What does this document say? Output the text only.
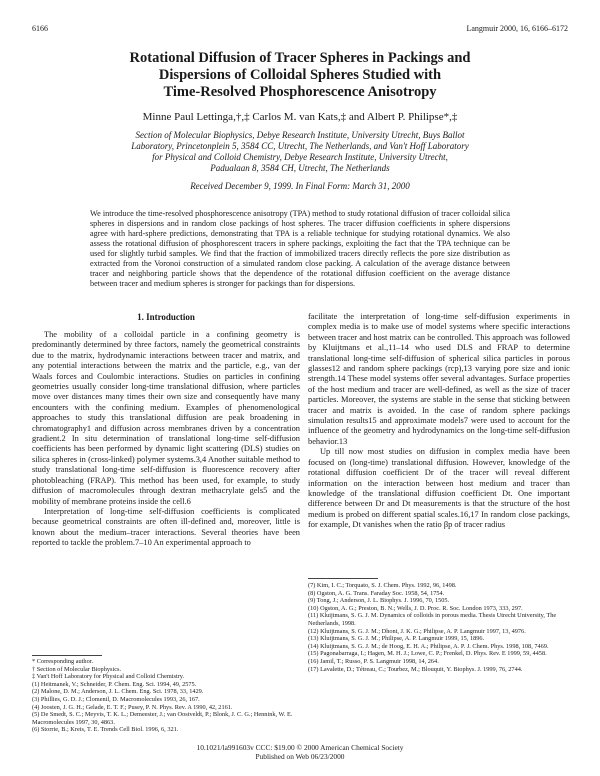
6166	Langmuir 2000, 16, 6166–6172
Rotational Diffusion of Tracer Spheres in Packings and
Dispersions of Colloidal Spheres Studied with
Time-Resolved Phosphorescence Anisotropy
Minne Paul Lettinga,†,‡ Carlos M. van Kats,‡ and Albert P. Philipse*,‡
Section of Molecular Biophysics, Debye Research Institute, University Utrecht, Buys Ballot
Laboratory, Princetonplein 5, 3584 CC, Utrecht, The Netherlands, and Van't Hoff Laboratory
for Physical and Colloid Chemistry, Debye Research Institute, University Utrecht,
Padualaan 8, 3584 CH, Utrecht, The Netherlands
Received December 9, 1999. In Final Form: March 31, 2000
We introduce the time-resolved phosphorescence anisotropy (TPA) method to study rotational diffusion of tracer colloidal silica spheres in dispersions and in random close packings of host spheres. The tracer diffusion coefficients in sphere dispersions agree with hard-sphere predictions, demonstrating that TPA is a reliable technique for studying rotational dynamics. We also assess the rotational diffusion of phosphorescent tracers in sphere packings, exploiting the fact that the TPA technique can be used for slightly turbid samples. We find that the fraction of immobilized tracers directly reflects the pore size distribution as extracted from the Voronoi construction of a simulated random close packing. A calculation of the average distance between tracer and neighboring particle shows that the dependence of the rotational diffusion coefficient on the average distance between tracer and medium spheres is stronger for packings than for dispersions.
1. Introduction

The mobility of a colloidal particle in a confining geometry is predominantly determined by three factors, namely the geometrical constraints due to the matrix, hydrodynamic interactions between tracer and matrix, and any potential interactions between the matrix and the particle, e.g., van der Waals forces and Coulombic interactions. Studies on particles in confining geometries usually consider long-time translational diffusion, where particles move over distances many times their own size and consequently have many encounters with the confining medium. Examples of phenomenological approaches to study this translational diffusion are peak broadening in chromatography1 and diffusion across membranes driven by a concentration gradient.2 In situ determination of translational long-time self-diffusion coefficients has been performed by dynamic light scattering (DLS) studies on silica spheres in (cross-linked) polymer systems.3,4 Another suitable method to study translational long-time self-diffusion is fluorescence recovery after photobleaching (FRAP). This method has been used, for example, to study diffusion of macromolecules through dextran methacrylate gels5 and the mobility of membrane proteins inside the cell.6

Interpretation of long-time self-diffusion coefficients is complicated because geometrical constraints are often ill-defined and, moreover, little is known about the medium–tracer interactions. Several theories have been reported to tackle the problem.7–10 An experimental approach to

facilitate the interpretation of long-time self-diffusion experiments in complex media is to make use of model systems where specific interactions between tracer and host matrix can be controlled. This approach was followed by Kluijtmans et al.,11–14 who used DLS and FRAP to determine translational long-time self-diffusion of spherical silica particles in porous glasses12 and random sphere packings (rcp),13 varying pore size and ionic strength.14 These model systems offer several advantages. Surface properties of the host medium and tracer are well-defined, as well as the size of tracer particles. Moreover, the systems are stable in the sense that sticking between tracer and matrix is avoided. In the case of random sphere packings simulation results15 and approximate models7 were used to account for the influence of the geometry and hydrodynamics on the long-time self-diffusion behavior.13

Up till now most studies on diffusion in complex media have been focused on (long-time) translational diffusion. However, knowledge of the rotational diffusion coefficient Dr of the tracer will reveal different information on the interaction between host medium and tracer than knowledge of the translational diffusion coefficient Dt. One important difference between Dr and Dt measurements is that the structure of the host medium is probed on different spatial scales.16,17 In random close packings, for example, Dt vanishes when the ratio βp of tracer radius

* Corresponding author.
† Section of Molecular Biophysics.
‡ Van't Hoff Laboratory for Physical and Colloid Chemistry.
(1) Heitmanek, V.; Schneider, P. Chem. Eng. Sci. 1994, 49, 2575.
(2) Malone, D. M.; Anderson, J. L. Chem. Eng. Sci. 1978, 33, 1429.
(3) Phillies, G. D. J.; Clomenil, D. Macromolecules 1993, 26, 167.
(4) Joosten, J. G. H.; Gelade, E. T. F.; Pusey, P. N. Phys. Rev. A 1990, 42, 2161.
(5) De Smedt, S. C.; Meyvis, T. K. L.; Demeester, J.; van Oostveldt, P.; Blonk, J. C. G.; Hennink, W. E. Macromolecules 1997, 30, 4863.
(6) Storrie, B.; Kreis, T. E. Trends Cell Biol. 1996, 6, 321.
(7) Kim, I. C.; Torquato, S. J. Chem. Phys. 1992, 96, 1498.
(8) Ogston, A. G. Trans. Faraday Soc. 1958, 54, 1754.
(9) Tong, J.; Anderson, J. L. Biophys. J. 1996, 70, 1505.
(10) Ogston, A. G.; Preston, B. N.; Wells, J. D. Proc. R. Soc. London 1973, 333, 297.
(11) Kluijtmans, S. G. J. M. Dynamics of colloids in porous media. Thesis Utrecht University, The Netherlands, 1998.
(12) Kluijtmans, S. G. J. M.; Dhont, J. K. G.; Philipse, A. P. Langmuir 1997, 13, 4976.
(13) Kluijtmans, S. G. J. M.; Philipse, A. P. Langmuir 1999, 15, 1896.
(14) Kluijtmans, S. G. J. M.; de Hoog, E. H. A.; Philipse, A. P. J. Chem. Phys. 1998, 108, 7469.
(15) Pagonabarraga, I.; Hagen, M. H. J.; Lowe, C. P.; Frenkel, D. Phys. Rev. E 1999, 59, 4458.
(16) Jamil, T.; Russo, P. S. Langmuir 1998, 14, 264.
(17) Lavalette, D.; Tétreau, C.; Tourbez, M.; Blouquit, Y. Biophys. J. 1999, 76, 2744.
10.1021/la991603v CCC: $19.00 © 2000 American Chemical Society
Published on Web 06/23/2000
